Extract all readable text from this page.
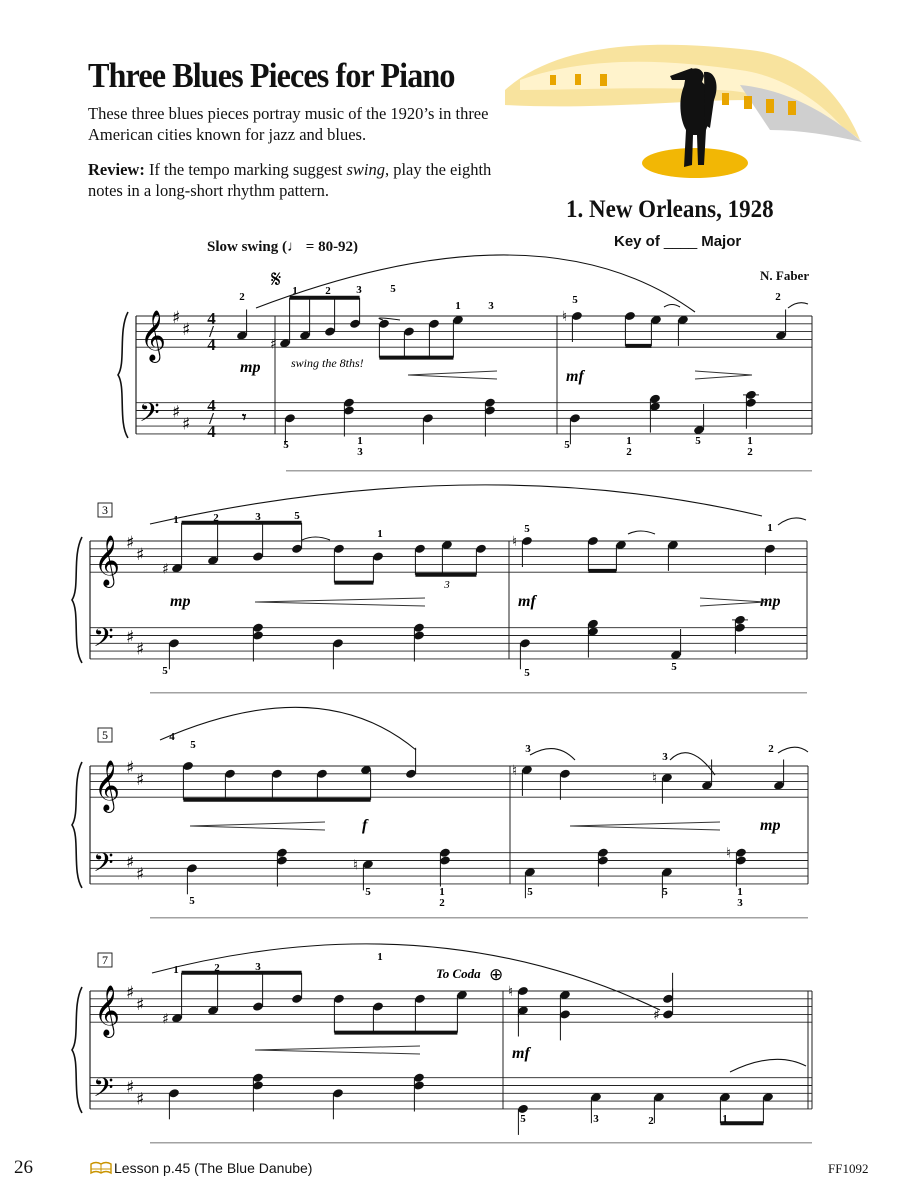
Three Blues Pieces for Piano
These three blues pieces portray music of the 1920’s in three American cities known for jazz and blues.
Review: If the tempo marking suggest swing, play the eighth notes in a long-short rhythm pattern.
1. New Orleans, 1928
Key of ____ Major
Slow swing (♩ = 80-92)
N. Faber
𝄞
𝄢
♯
♯
♯
♯	𝄾
♯
♮
2	1	2 3	5
1	3	5	2
5	1
3
5	1
2
5	1
2
mp
mf
𝄞
𝄢
♯
♯
♯
♯
3
♯
♮
1	2	3	5
1	5	1
5	5	5
3
mp	mf	mp
𝄞
𝄢
♯
♯
♯
♯
5
♮	♮
♮
♮
4
5	3
3
2
5
5	1
2
5	5	1
3
f	mp
𝄞
𝄢
♯
♯
♯
♯
7
♯
♮
♯
1	2	3
1
5	3	2	1
mf
To Coda ⊕
𝄋
swing the 8ths!
4/4
4/4
26	Lesson p.45 (The Blue Danube)	FF1092
